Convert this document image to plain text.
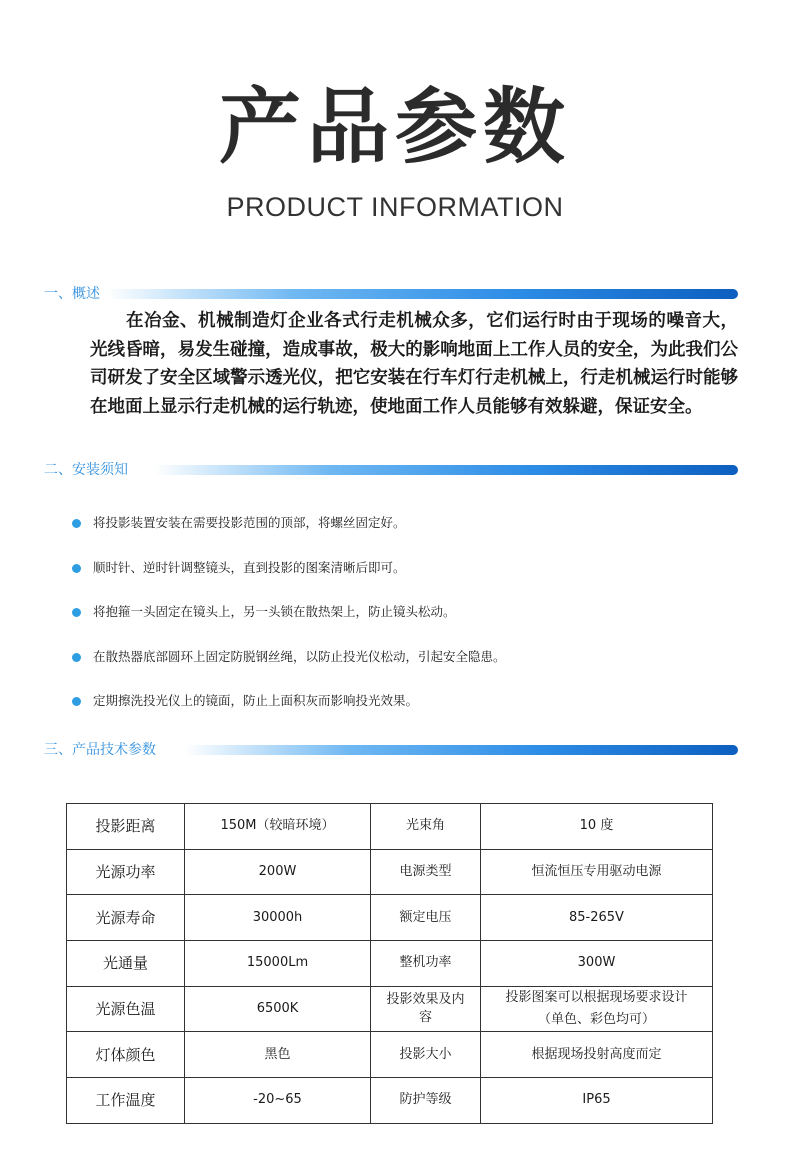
产品参数
PRODUCT INFORMATION
一、概述
在冶金、机械制造灯企业各式行走机械众多，它们运行时由于现场的噪音大，光线昏暗，易发生碰撞，造成事故，极大的影响地面上工作人员的安全，为此我们公司研发了安全区域警示透光仪，把它安装在行车灯行走机械上，行走机械运行时能够在地面上显示行走机械的运行轨迹，使地面工作人员能够有效躲避，保证安全。
二、安装须知
将投影装置安装在需要投影范围的顶部，将螺丝固定好。
顺时针、逆时针调整镜头，直到投影的图案清晰后即可。
将抱箍一头固定在镜头上，另一头锁在散热架上，防止镜头松动。
在散热器底部圆环上固定防脱钢丝绳，以防止投光仪松动，引起安全隐患。
定期擦洗投光仪上的镜面，防止上面积灰而影响投光效果。
三、产品技术参数
投影距离	150M（较暗环境）	光束角	10 度
光源功率	200W	电源类型	恒流恒压专用驱动电源
光源寿命	30000h	额定电压	85-265V
光通量	15000Lm	整机功率	300W
光源色温	6500K	投影效果及内容	投影图案可以根据现场要求设计（单色、彩色均可）
灯体颜色	黑色	投影大小	根据现场投射高度而定
工作温度	-20~65	防护等级	IP65
